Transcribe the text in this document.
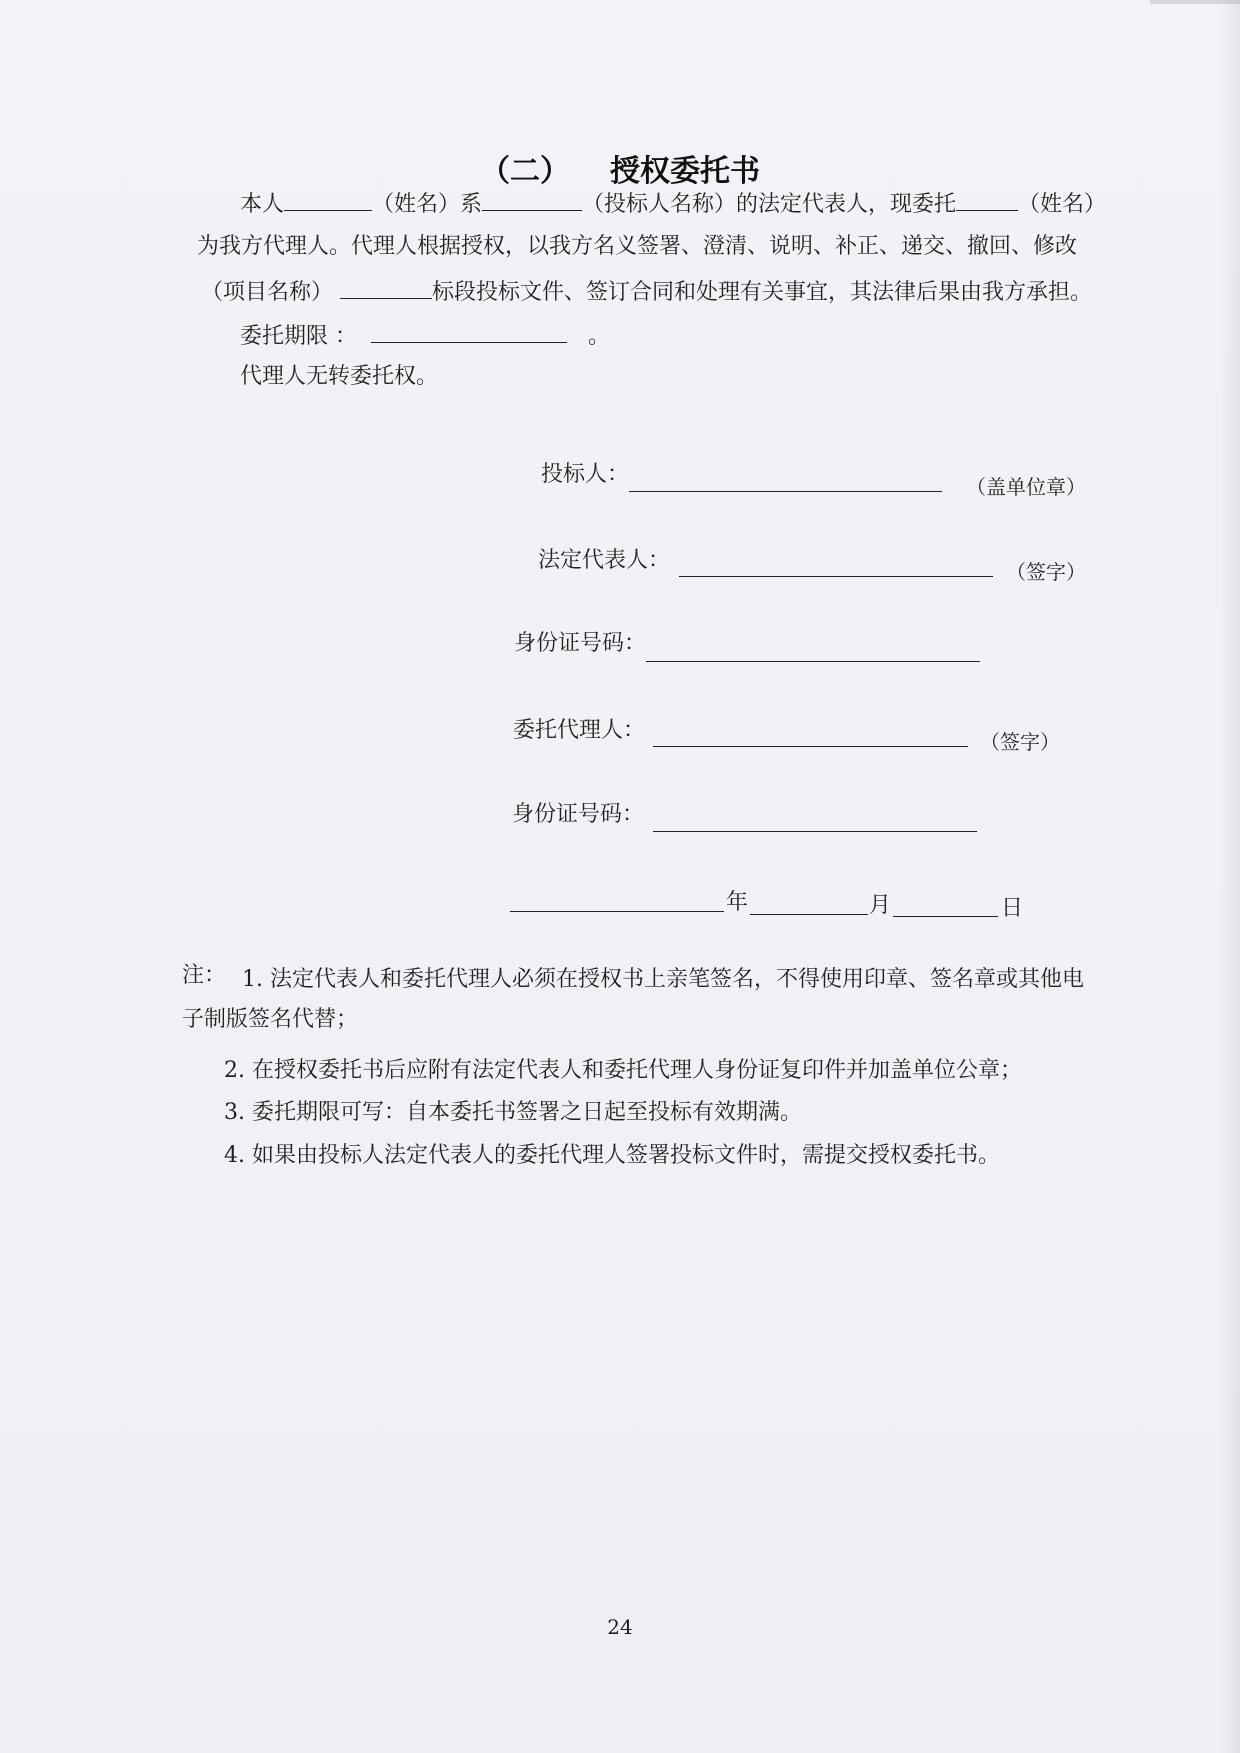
（二） 授权委托书
本人	（姓名）系	（投标人名称）的法定代表人，现委托	（姓名）
为我方代理人。代理人根据授权，以我方名义签署、澄清、说明、补正、递交、撤回、修改
（项目名称）	标段投标文件、签订合同和处理有关事宜，其法律后果由我方承担。
委托期限 ：	。
代理人无转委托权。
投标人：	（盖单位章）
法定代表人：	（签字）
身份证号码：
委托代理人：	（签字）
身份证号码：
年	月	日
注： 1. 法定代表人和委托代理人必须在授权书上亲笔签名，不得使用印章、签名章或其他电
子制版签名代替；
2. 在授权委托书后应附有法定代表人和委托代理人身份证复印件并加盖单位公章；
3. 委托期限可写：自本委托书签署之日起至投标有效期满。
4. 如果由投标人法定代表人的委托代理人签署投标文件时，需提交授权委托书。
24
